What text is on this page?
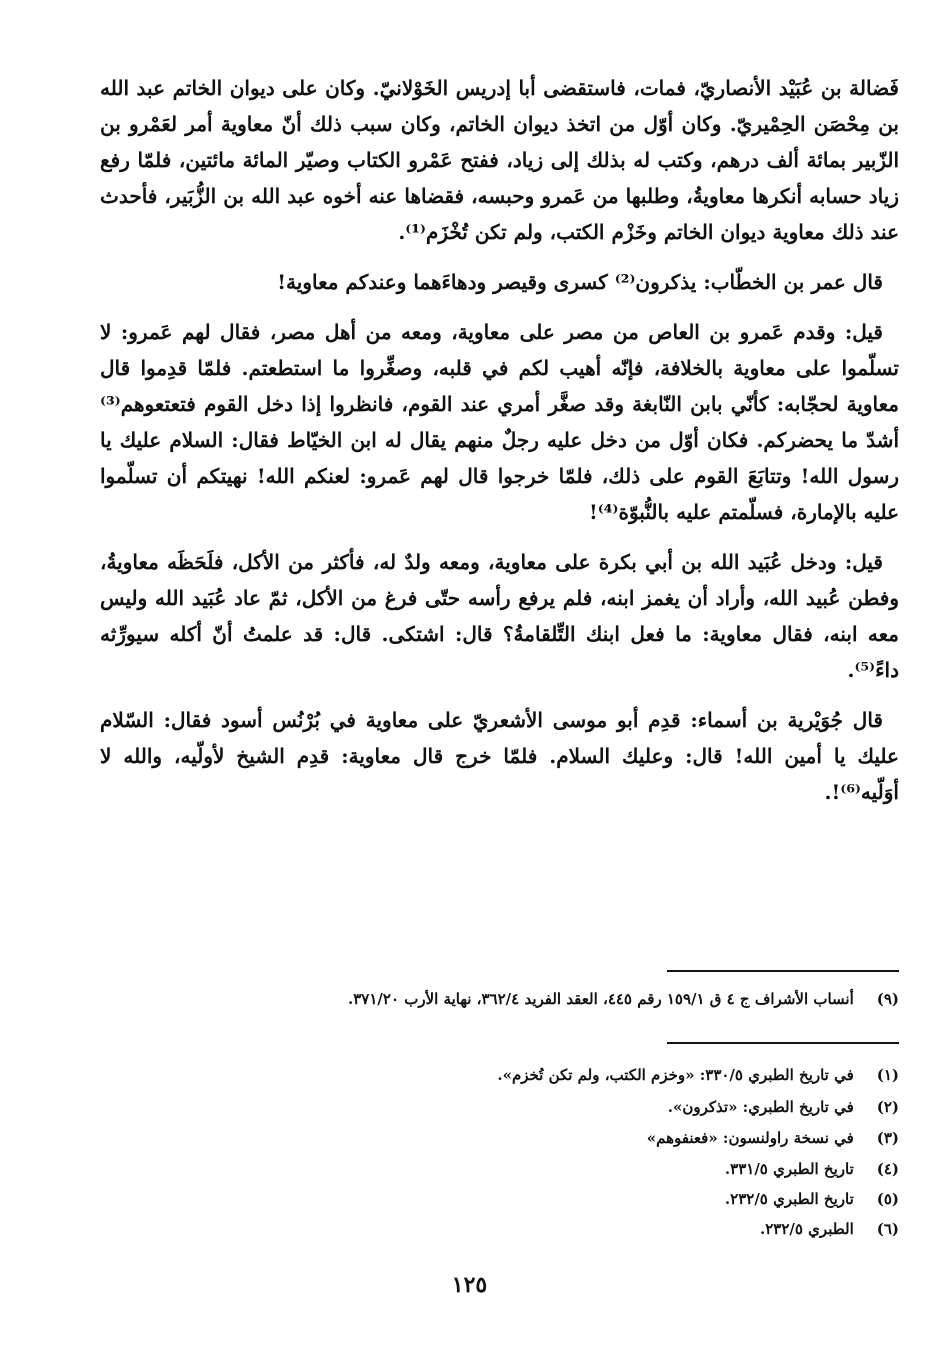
فَضالة بن عُبَيْد الأنصاريّ، فمات، فاستقضى أبا إدريس الخَوْلانيّ. وكان على ديوان الخاتم عبد الله بن مِحْصَن الحِمْيريّ. وكان أوّل من اتخذ ديوان الخاتم، وكان سبب ذلك أنّ معاوية أمر لعَمْرو بن الزّبير بمائة ألف درهم، وكتب له بذلك إلى زياد، ففتح عَمْرو الكتاب وصيّر المائة مائتين، فلمّا رفع زياد حسابه أنكرها معاويةُ، وطلبها من عَمرو وحبسه، فقضاها عنه أخوه عبد الله بن الزُّبَير، فأحدث عند ذلك معاوية ديوان الخاتم وخَزْم الكتب، ولم تكن تُخْزَم⁽¹⁾.

قال عمر بن الخطّاب: يذكرون⁽²⁾ كسرى وقيصر ودهاءَهما وعندكم معاوية!

قيل: وقدم عَمرو بن العاص من مصر على معاوية، ومعه من أهل مصر، فقال لهم عَمرو: لا تسلّموا على معاوية بالخلافة، فإنّه أهيب لكم في قلبه، وصغِّروا ما استطعتم. فلمّا قدِموا قال معاوية لحجّابه: كأنّي بابن النّابغة وقد صغَّر أمري عند القوم، فانظروا إذا دخل القوم فتعتعوهم⁽³⁾ أشدّ ما يحضركم. فكان أوّل من دخل عليه رجلٌ منهم يقال له ابن الخيّاط فقال: السلام عليك يا رسول الله! وتتابَعَ القوم على ذلك، فلمّا خرجوا قال لهم عَمرو: لعنكم الله! نهيتكم أن تسلّموا عليه بالإمارة، فسلّمتم عليه بالنُّبوّة⁽⁴⁾!

قيل: ودخل عُبَيد الله بن أبي بكرة على معاوية، ومعه ولدٌ له، فأكثر من الأكل، فلَحَظَه معاويةُ، وفطن عُبيد الله، وأراد أن يغمز ابنه، فلم يرفع رأسه حتّى فرغ من الأكل، ثمّ عاد عُبَيد الله وليس معه ابنه، فقال معاوية: ما فعل ابنك التِّلقامةُ؟ قال: اشتكى. قال: قد علمتُ أنّ أكله سيورِّثه داءً⁽⁵⁾.

قال جُوَيْرية بن أسماء: قدِم أبو موسى الأشعريّ على معاوية في بُرْنُس أسود فقال: السّلام عليك يا أمين الله! قال: وعليك السلام. فلمّا خرج قال معاوية: قدِم الشيخ لأولّيه، والله لا أوَلّيه⁽⁶⁾!.

(٩) أنساب الأشراف ج ٤ ق ١٥٩/١ رقم ٤٤٥، العقد الفريد ٣٦٢/٤، نهاية الأرب ٣٧١/٢٠.
(١) في تاريخ الطبري ٣٣٠/٥: «وخزم الكتب، ولم تكن تُخزم».
(٢) في تاريخ الطبري: «تذكرون».
(٣) في نسخة راولنسون: «فعنفوهم»
(٤) تاريخ الطبري ٣٣١/٥.
(٥) تاريخ الطبري ٢٣٢/٥.
(٦) الطبري ٢٣٢/٥.
١٢٥
